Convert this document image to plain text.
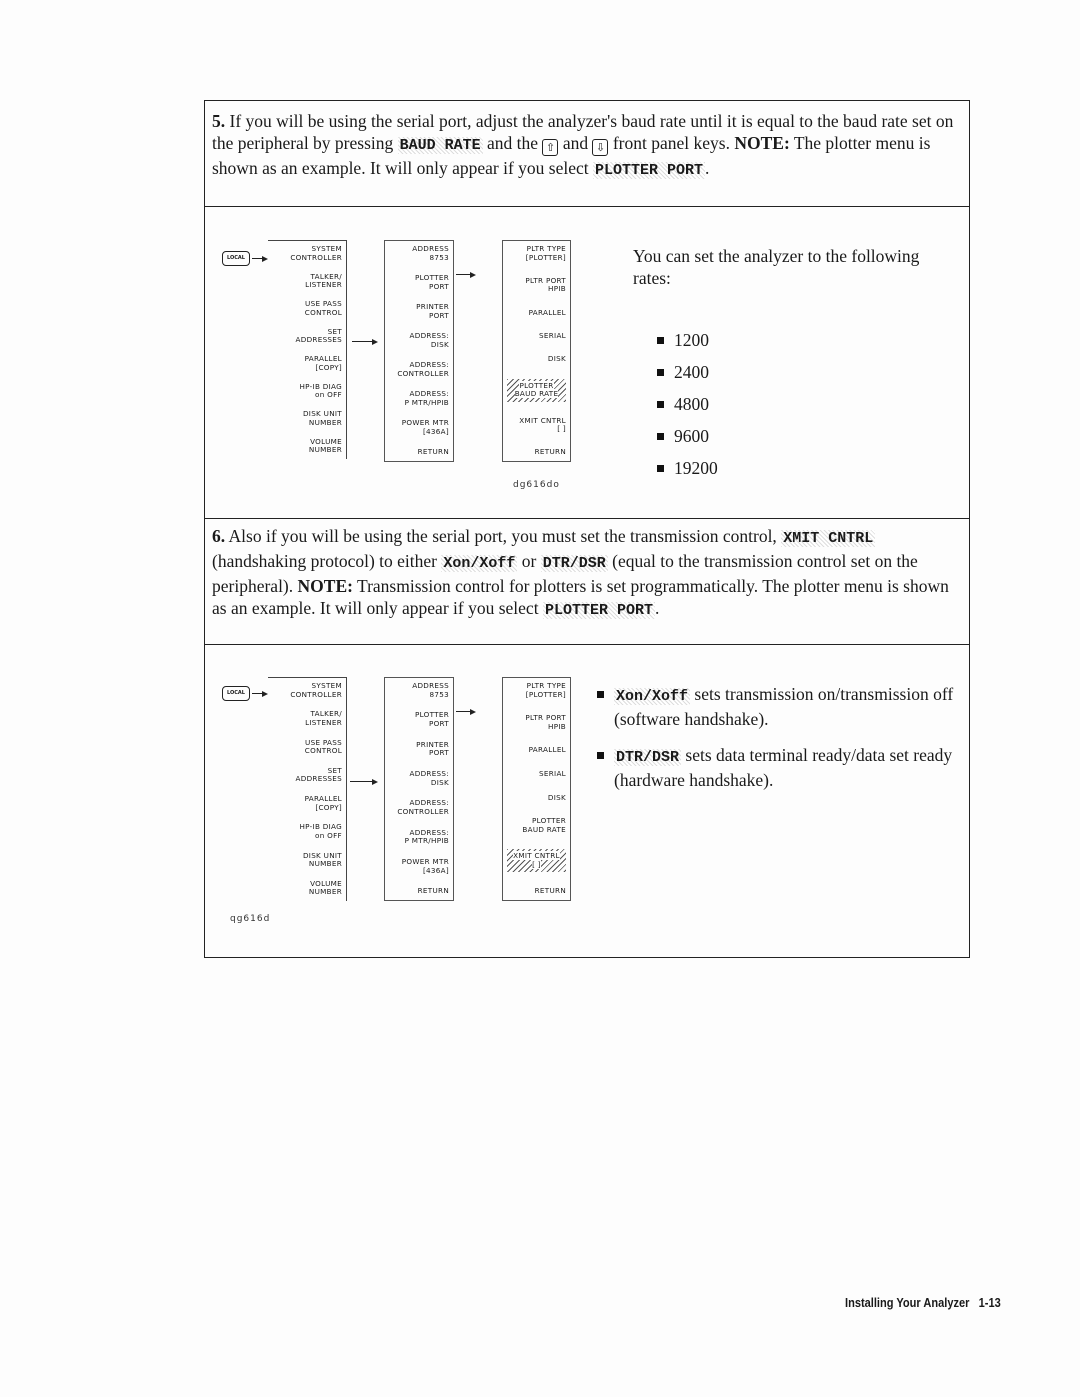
5. If you will be using the serial port, adjust the analyzer's baud rate until it is equal to the baud rate set on the peripheral by pressing BAUD RATE and the ⇧ and ⇩ front panel keys. NOTE: The plotter menu is shown as an example. It will only appear if you select PLOTTER PORT .
LOCAL
SYSTEM
CONTROLLER
TALKER/
LISTENER
USE PASS
CONTROL
SET
ADDRESSES
PARALLEL
[COPY]
HP-IB DIAG
on OFF
DISK UNIT
NUMBER
VOLUME
NUMBER
ADDRESS
8753
PLOTTER
PORT
PRINTER
PORT
ADDRESS:
DISK
ADDRESS:
CONTROLLER
ADDRESS:
P MTR/HPIB
POWER MTR
[436A]
RETURN
PLTR TYPE
[PLOTTER]
PLTR PORT
HPIB
PARALLEL
SERIAL
DISK
PLOTTER
BAUD RATE
XMIT CNTRL
[ ]
RETURN
dg616do
You can set the analyzer to the following rates:
1200
2400
4800
9600
19200
6. Also if you will be using the serial port, you must set the transmission control, XMIT CNTRL (handshaking protocol) to either Xon/Xoff or DTR/DSR (equal to the transmission control set on the peripheral). NOTE: Transmission control for plotters is set programmatically. The plotter menu is shown as an example. It will only appear if you select PLOTTER PORT .
LOCAL
SYSTEM
CONTROLLER
TALKER/
LISTENER
USE PASS
CONTROL
SET
ADDRESSES
PARALLEL
[COPY]
HP-IB DIAG
on OFF
DISK UNIT
NUMBER
VOLUME
NUMBER
ADDRESS
8753
PLOTTER
PORT
PRINTER
PORT
ADDRESS:
DISK
ADDRESS:
CONTROLLER
ADDRESS:
P MTR/HPIB
POWER MTR
[436A]
RETURN
PLTR TYPE
[PLOTTER]
PLTR PORT
HPIB
PARALLEL
SERIAL
DISK
PLOTTER
BAUD RATE
XMIT CNTRL
[ ]
RETURN
qg616d
Xon/Xoff sets transmission on/transmission off (software handshake).
DTR/DSR sets data terminal ready/data set ready (hardware handshake).
Installing Your Analyzer 1-13
